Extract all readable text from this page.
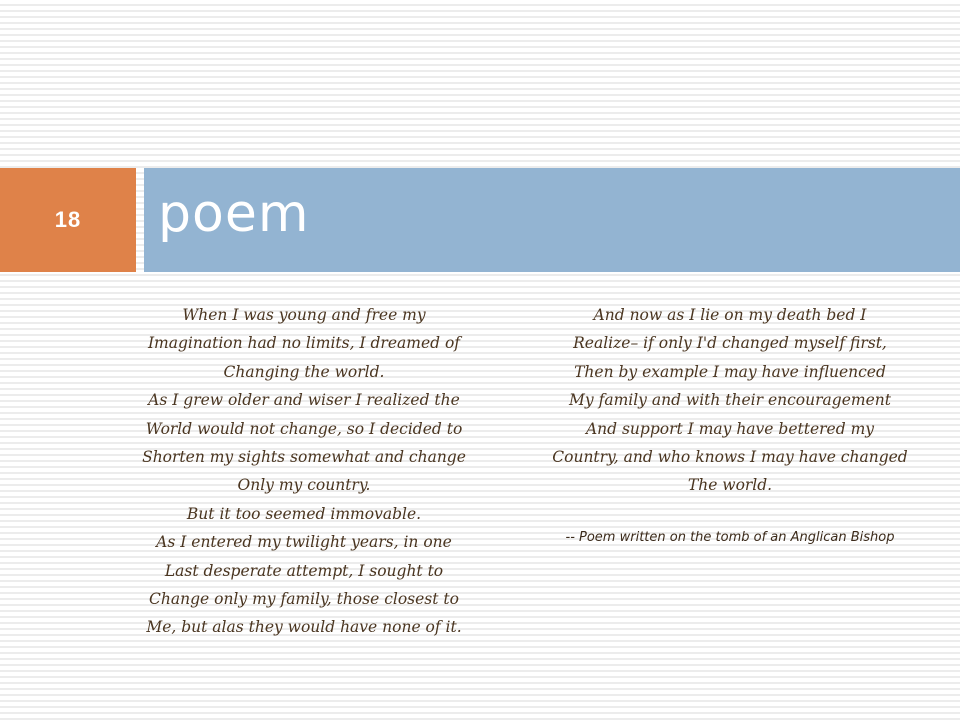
18 poem
When I was young and free my
Imagination had no limits, I dreamed of
Changing the world.
As I grew older and wiser I realized the
World would not change, so I decided to
Shorten my sights somewhat and change
Only my country.
But it too seemed immovable.
As I entered my twilight years, in one
Last desperate attempt, I sought to
Change only my family, those closest to
Me, but alas they would have none of it.
And now as I lie on my death bed I
Realize– if only I'd changed myself first,
Then by example I may have influenced
My family and with their encouragement
And support I may have bettered my
Country, and who knows I may have changed
The world.
-- Poem written on the tomb of an Anglican Bishop
